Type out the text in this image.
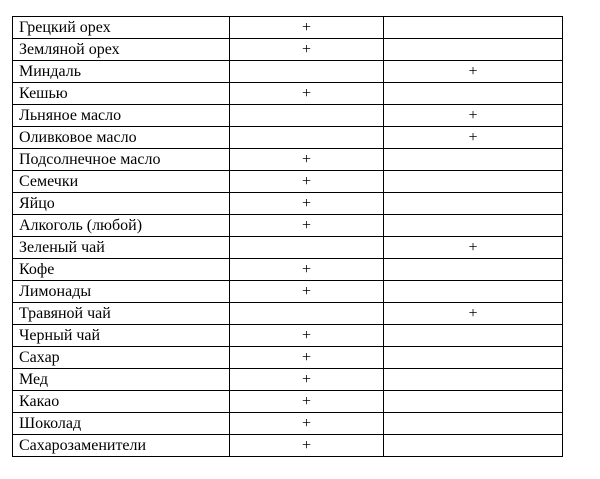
Грецкий орех	+	
Земляной орех	+	
Миндаль		+
Кешью	+	
Льняное масло		+
Оливковое масло		+
Подсолнечное масло	+	
Семечки	+	
Яйцо	+	
Алкоголь (любой)	+	
Зеленый чай		+
Кофе	+	
Лимонады	+	
Травяной чай		+
Черный чай	+	
Сахар	+	
Мед	+	
Какао	+	
Шоколад	+	
Сахарозаменители	+	
